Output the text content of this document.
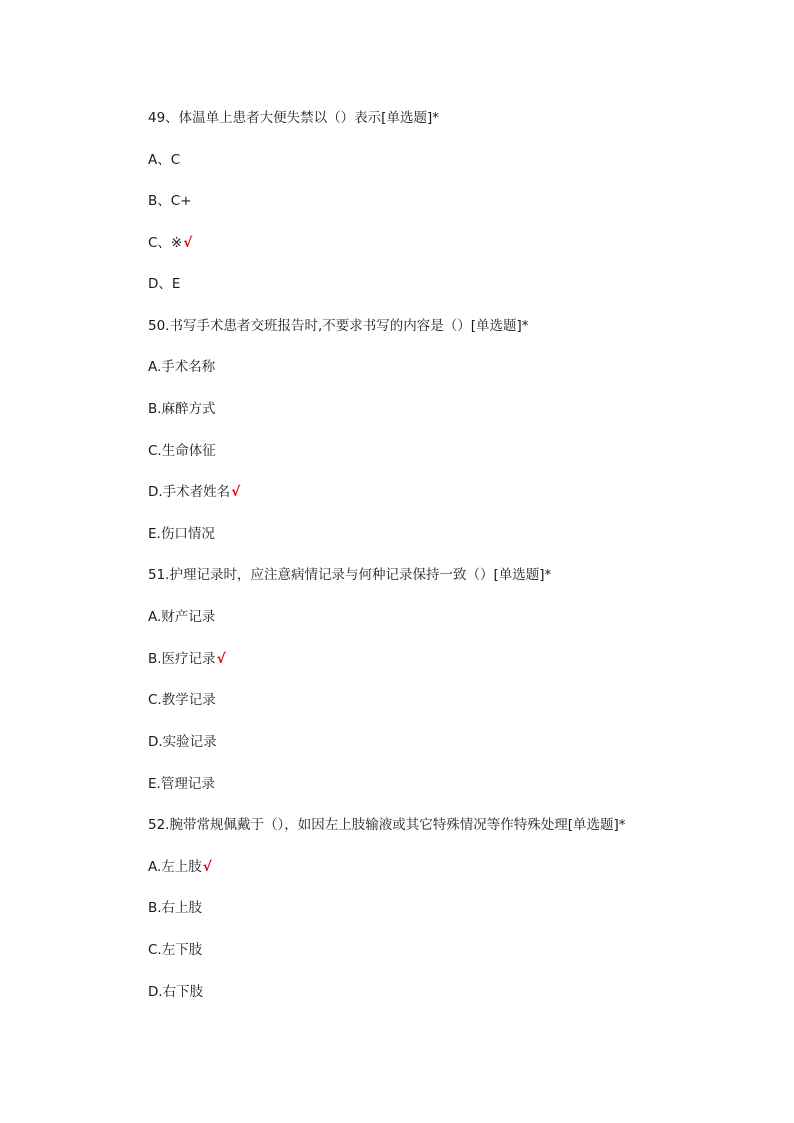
49、体温单上患者大便失禁以（）表示[单选题]*
A、C
B、C+
C、※√
D、E
50.书写手术患者交班报告时,不要求书写的内容是（）[单选题]*
A.手术名称
B.麻醉方式
C.生命体征
D.手术者姓名√
E.伤口情况
51.护理记录时，应注意病情记录与何种记录保持一致（）[单选题]*
A.财产记录
B.医疗记录√
C.教学记录
D.实验记录
E.管理记录
52.腕带常规佩戴于（），如因左上肢输液或其它特殊情况等作特殊处理[单选题]*
A.左上肢√
B.右上肢
C.左下肢
D.右下肢
